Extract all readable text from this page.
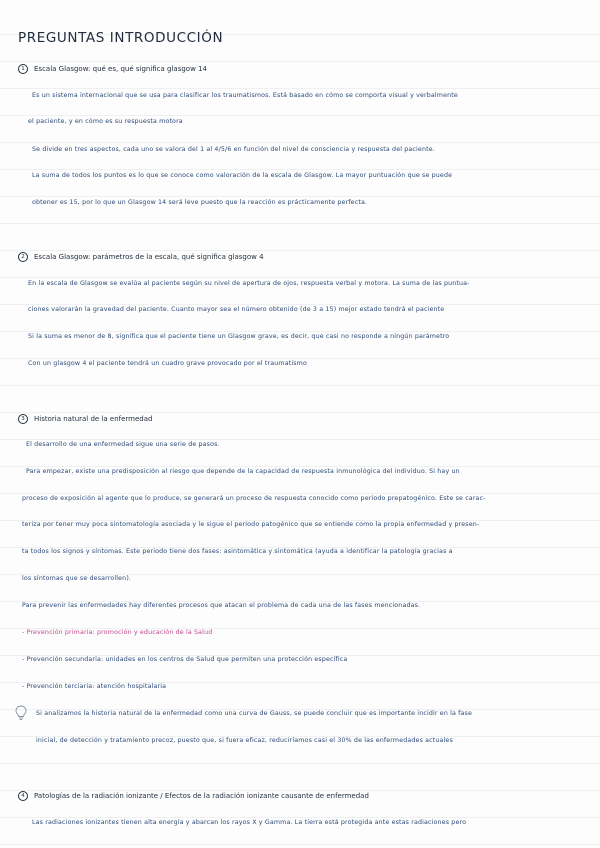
PREGUNTAS INTRODUCCIÓN
1 Escala Glasgow: qué es, qué significa glasgow 14
Es un sistema internacional que se usa para clasificar los traumatismos. Está basado en cómo se comporta visual y verbalmente
el paciente, y en cómo es su respuesta motora
Se divide en tres aspectos, cada uno se valora del 1 al 4/5/6 en función del nivel de consciencia y respuesta del paciente.
La suma de todos los puntos es lo que se conoce como valoración de la escala de Glasgow. La mayor puntuación que se puede
obtener es 15, por lo que un Glasgow 14 será leve puesto que la reacción es prácticamente perfecta.
2 Escala Glasgow: parámetros de la escala, qué significa glasgow 4
En la escala de Glasgow se evalúa al paciente según su nivel de apertura de ojos, respuesta verbal y motora. La suma de las puntua-
ciones valorarán la gravedad del paciente. Cuanto mayor sea el número obtenido (de 3 a 15) mejor estado tendrá el paciente
Si la suma es menor de 8, significa que el paciente tiene un Glasgow grave, es decir, que casi no responde a ningún parámetro
Con un glasgow 4 el paciente tendrá un cuadro grave provocado por el traumatismo
3 Historia natural de la enfermedad
El desarrollo de una enfermedad sigue una serie de pasos.
Para empezar, existe una predisposición al riesgo que depende de la capacidad de respuesta inmunológica del individuo. Si hay un
proceso de exposición al agente que lo produce, se generará un proceso de respuesta conocido como periodo prepatogénico. Este se carac-
teriza por tener muy poca sintomatología asociada y le sigue el periodo patogénico que se entiende como la propia enfermedad y presen-
ta todos los signos y síntomas. Este periodo tiene dos fases: asintomática y sintomática (ayuda a identificar la patología gracias a
los síntomas que se desarrollen).
Para prevenir las enfermedades hay diferentes procesos que atacan el problema de cada una de las fases mencionadas.
- Prevención primaria: promoción y educación de la Salud
- Prevención secundaria: unidades en los centros de Salud que permiten una protección específica
- Prevención terciaria: atención hospitalaria
Si analizamos la historia natural de la enfermedad como una curva de Gauss, se puede concluir que es importante incidir en la fase
inicial, de detección y tratamiento precoz, puesto que, si fuera eficaz, reduciríamos casi el 30% de las enfermedades actuales
4 Patologías de la radiación ionizante / Efectos de la radiación ionizante causante de enfermedad
Las radiaciones ionizantes tienen alta energía y abarcan los rayos X y Gamma. La tierra está protegida ante estas radiaciones pero
